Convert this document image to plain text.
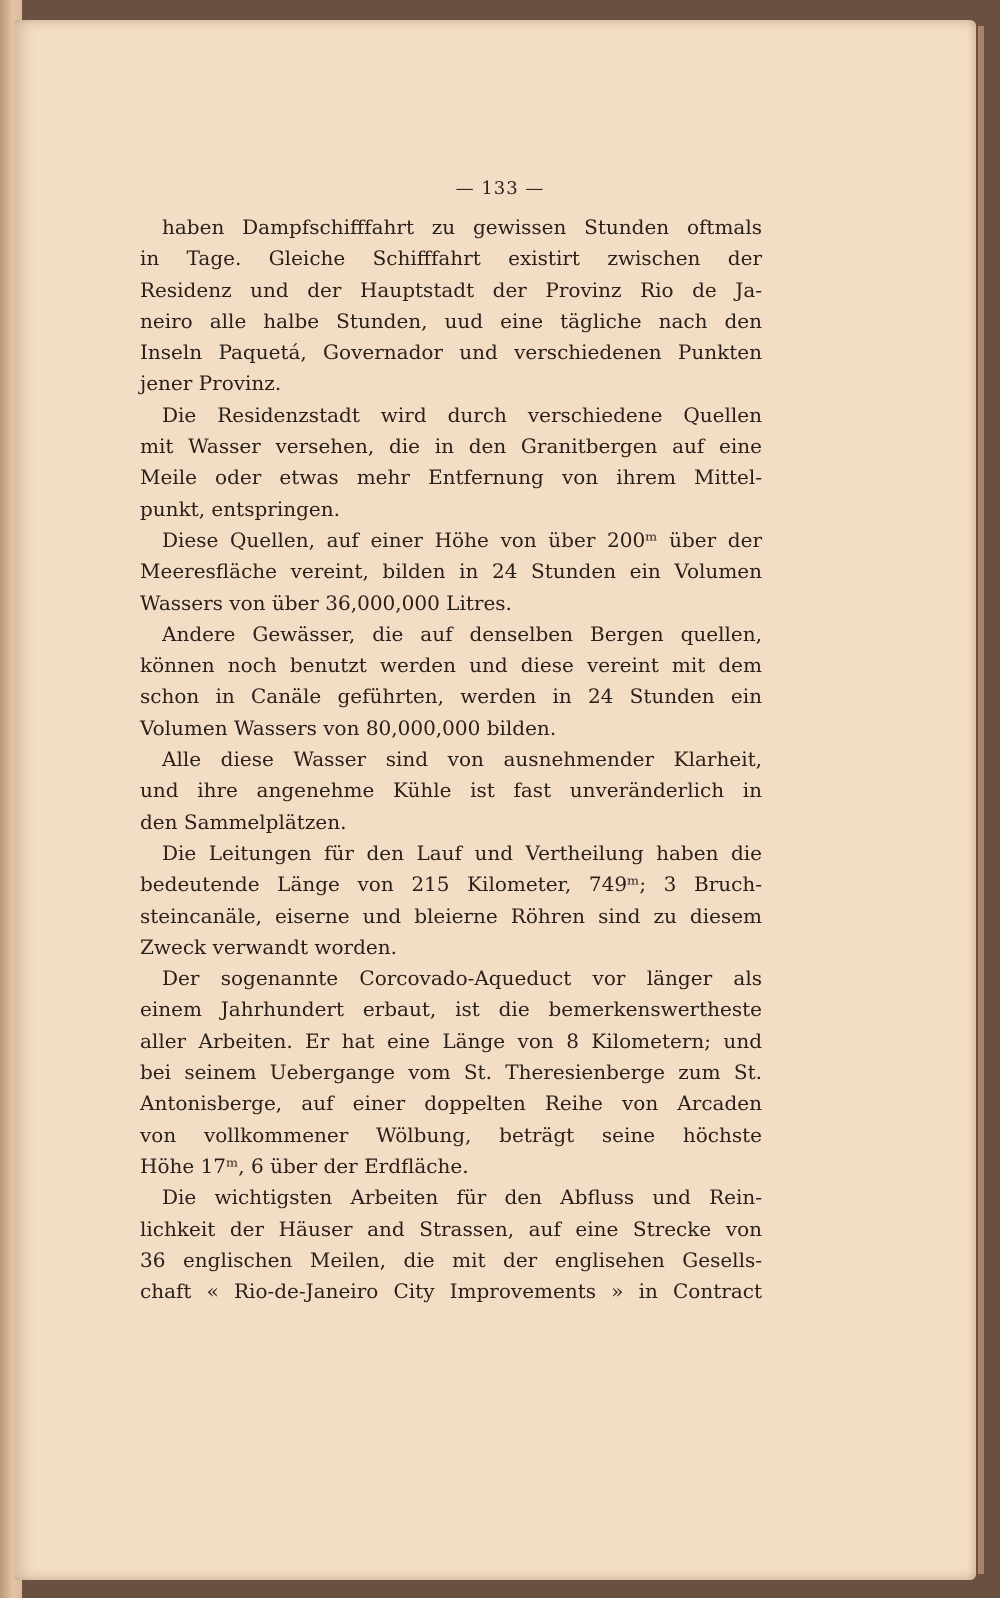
— 133 —
haben Dampfschifffahrt zu gewissen Stunden oftmals
in Tage. Gleiche Schifffahrt existirt zwischen der
Residenz und der Hauptstadt der Provinz Rio de Ja-
neiro alle halbe Stunden, uud eine tägliche nach den
Inseln Paquetá, Governador und verschiedenen Punkten
jener Provinz.
Die Residenzstadt wird durch verschiedene Quellen
mit Wasser versehen, die in den Granitbergen auf eine
Meile oder etwas mehr Entfernung von ihrem Mittel-
punkt, entspringen.
Diese Quellen, auf einer Höhe von über 200ᵐ über der
Meeresfläche vereint, bilden in 24 Stunden ein Volumen
Wassers von über 36,000,000 Litres.
Andere Gewässer, die auf denselben Bergen quellen,
können noch benutzt werden und diese vereint mit dem
schon in Canäle geführten, werden in 24 Stunden ein
Volumen Wassers von 80,000,000 bilden.
Alle diese Wasser sind von ausnehmender Klarheit,
und ihre angenehme Kühle ist fast unveränderlich in
den Sammelplätzen.
Die Leitungen für den Lauf und Vertheilung haben die
bedeutende Länge von 215 Kilometer, 749ᵐ; 3 Bruch-
steincanäle, eiserne und bleierne Röhren sind zu diesem
Zweck verwandt worden.
Der sogenannte Corcovado-Aqueduct vor länger als
einem Jahrhundert erbaut, ist die bemerkenswertheste
aller Arbeiten. Er hat eine Länge von 8 Kilometern; und
bei seinem Uebergange vom St. Theresienberge zum St.
Antonisberge, auf einer doppelten Reihe von Arcaden
von vollkommener Wölbung, beträgt seine höchste
Höhe 17ᵐ, 6 über der Erdfläche.
Die wichtigsten Arbeiten für den Abfluss und Rein-
lichkeit der Häuser and Strassen, auf eine Strecke von
36 englischen Meilen, die mit der englisehen Gesells-
chaft « Rio-de-Janeiro City Improvements » in Contract
